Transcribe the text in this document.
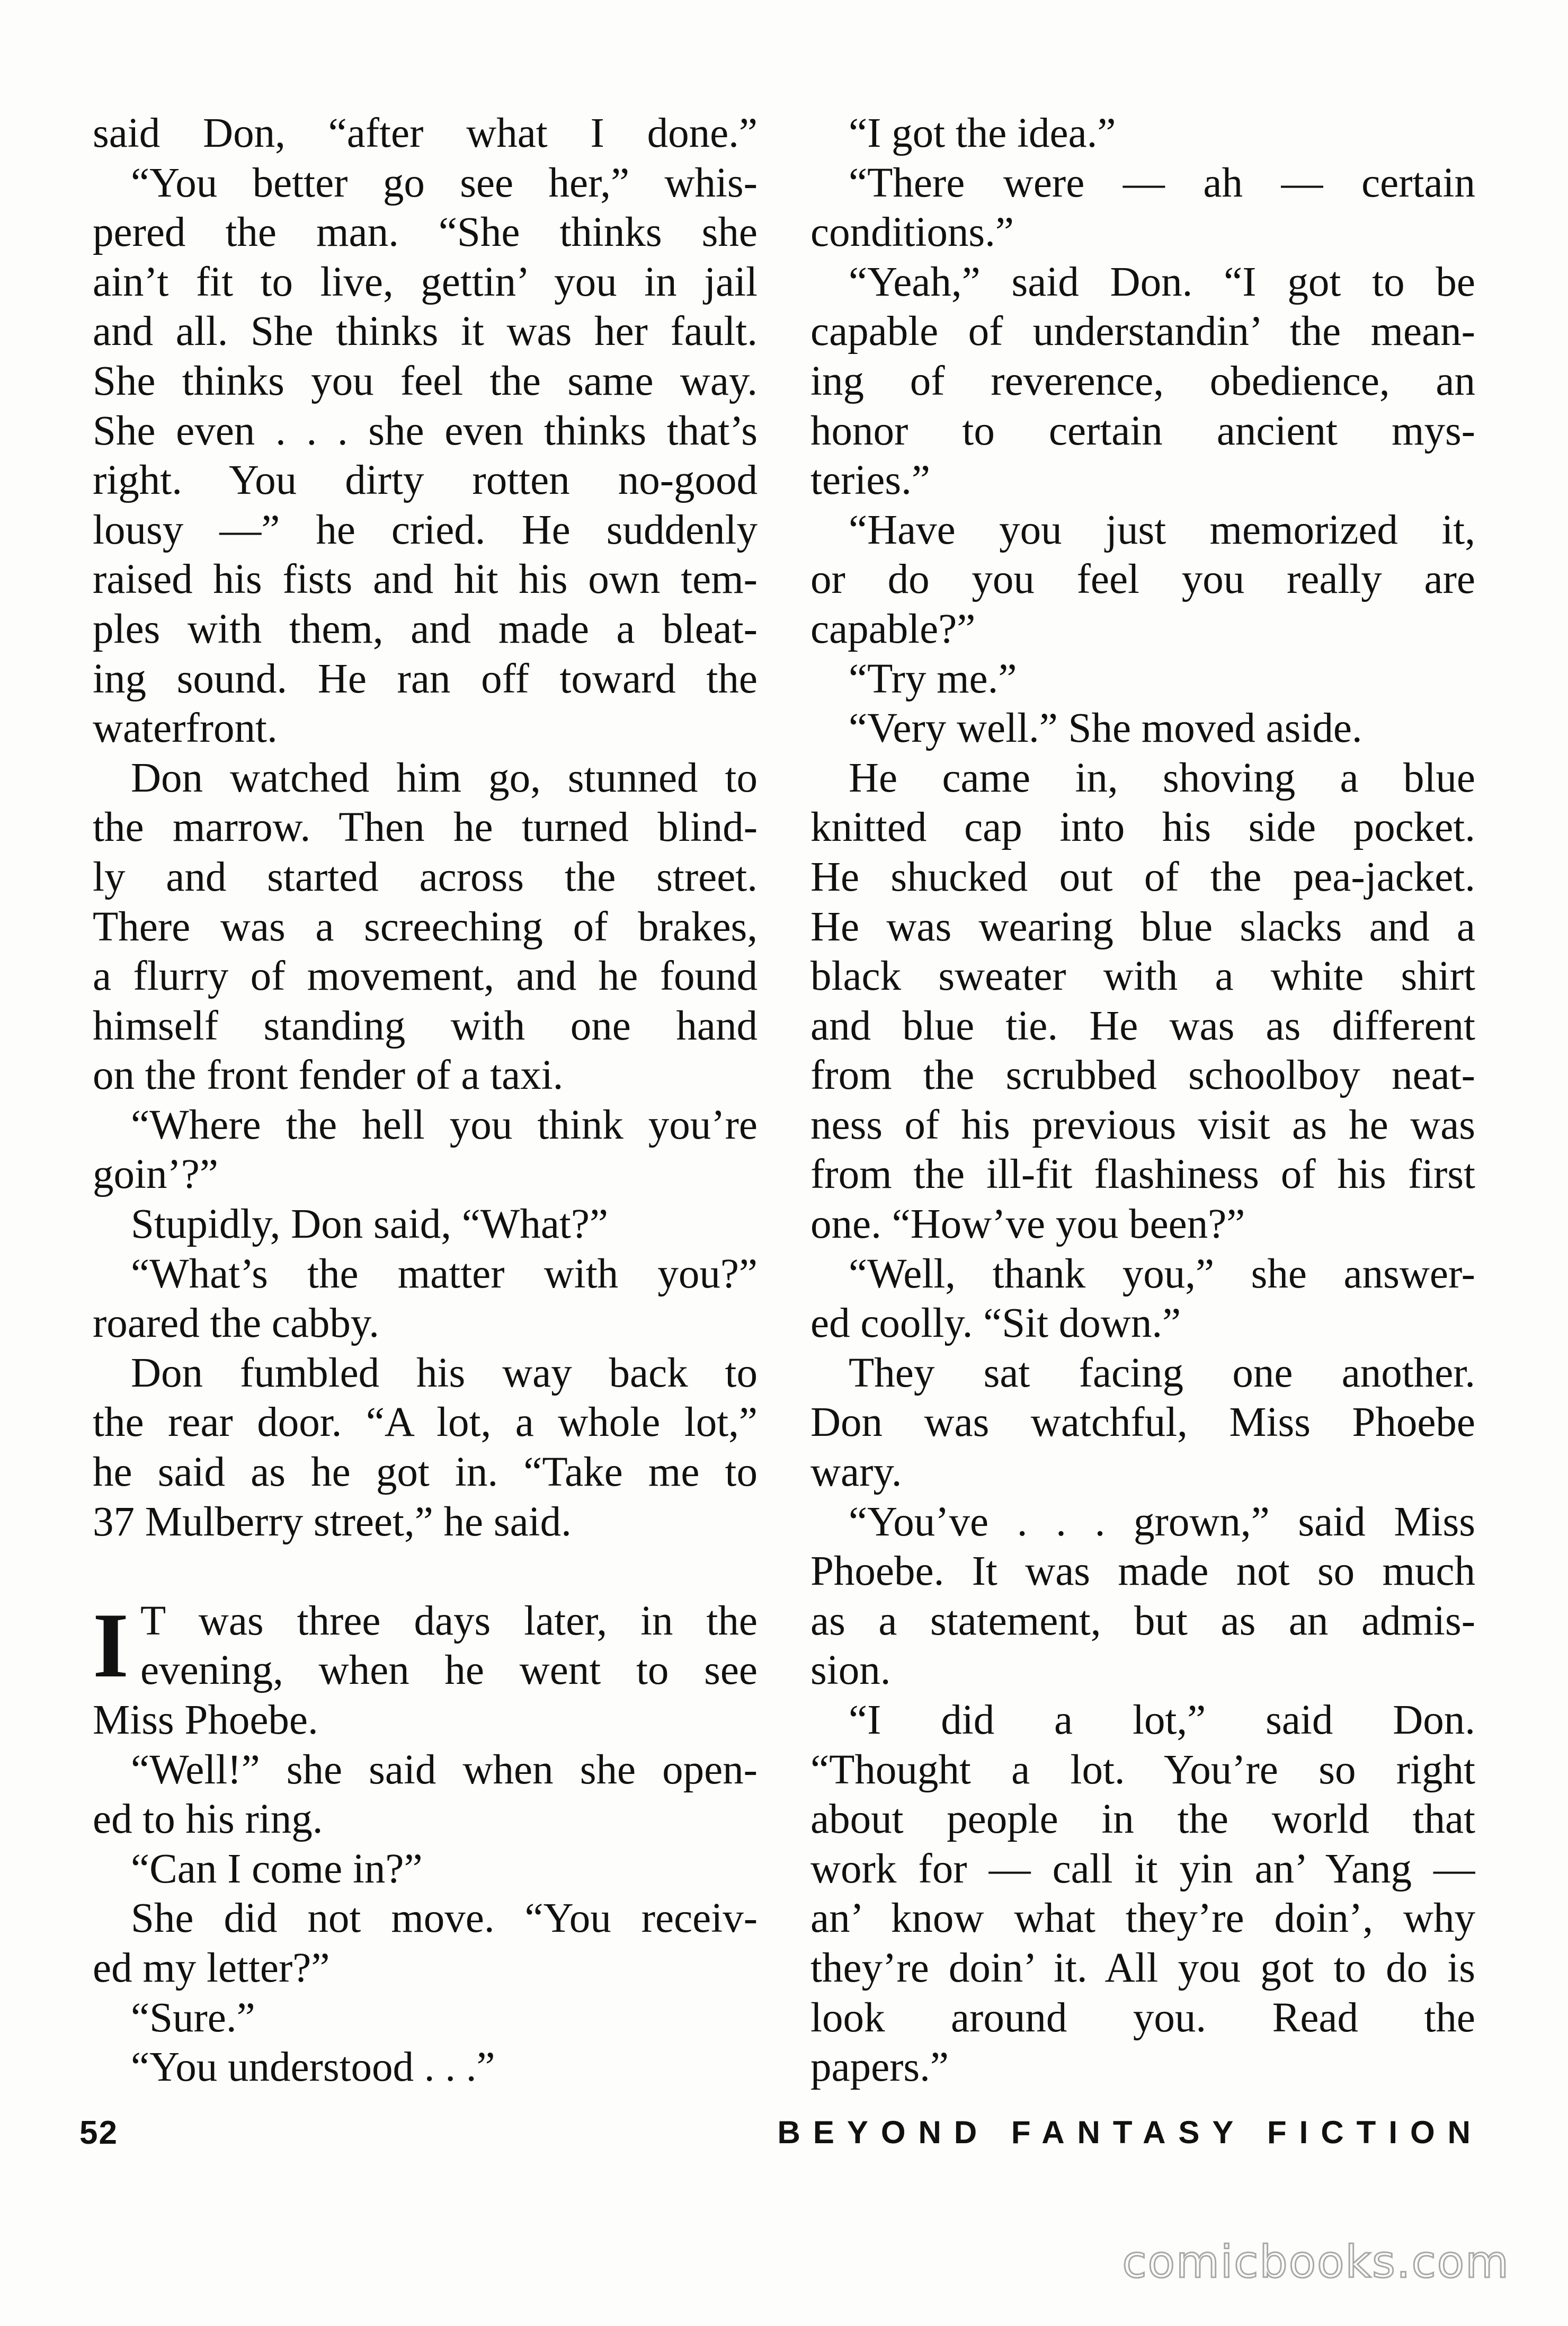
said Don, “after what I done.”
“You better go see her,” whis-
pered the man. “She thinks she
ain’t fit to live, gettin’ you in jail
and all. She thinks it was her fault.
She thinks you feel the same way.
She even . . . she even thinks that’s
right. You dirty rotten no-good
lousy —” he cried. He suddenly
raised his fists and hit his own tem-
ples with them, and made a bleat-
ing sound. He ran off toward the
waterfront.
Don watched him go, stunned to
the marrow. Then he turned blind-
ly and started across the street.
There was a screeching of brakes,
a flurry of movement, and he found
himself standing with one hand
on the front fender of a taxi.
“Where the hell you think you’re
goin’?”
Stupidly, Don said, “What?”
“What’s the matter with you?”
roared the cabby.
Don fumbled his way back to
the rear door. “A lot, a whole lot,”
he said as he got in. “Take me to
37 Mulberry street,” he said.
I T was three days later, in the
evening, when he went to see
Miss Phoebe.
“Well!” she said when she open-
ed to his ring.
“Can I come in?”
She did not move. “You receiv-
ed my letter?”
“Sure.”
“You understood . . .”
“I got the idea.”
“There were — ah — certain
conditions.”
“Yeah,” said Don. “I got to be
capable of understandin’ the mean-
ing of reverence, obedience, an
honor to certain ancient mys-
teries.”
“Have you just memorized it,
or do you feel you really are
capable?”
“Try me.”
“Very well.” She moved aside.
He came in, shoving a blue
knitted cap into his side pocket.
He shucked out of the pea-jacket.
He was wearing blue slacks and a
black sweater with a white shirt
and blue tie. He was as different
from the scrubbed schoolboy neat-
ness of his previous visit as he was
from the ill-fit flashiness of his first
one. “How’ve you been?”
“Well, thank you,” she answer-
ed coolly. “Sit down.”
They sat facing one another.
Don was watchful, Miss Phoebe
wary.
“You’ve . . . grown,” said Miss
Phoebe. It was made not so much
as a statement, but as an admis-
sion.
“I did a lot,” said Don.
“Thought a lot. You’re so right
about people in the world that
work for — call it yin an’ Yang —
an’ know what they’re doin’, why
they’re doin’ it. All you got to do is
look around you. Read the
papers.”
52	BEYOND FANTASY FICTION
comicbooks.com
